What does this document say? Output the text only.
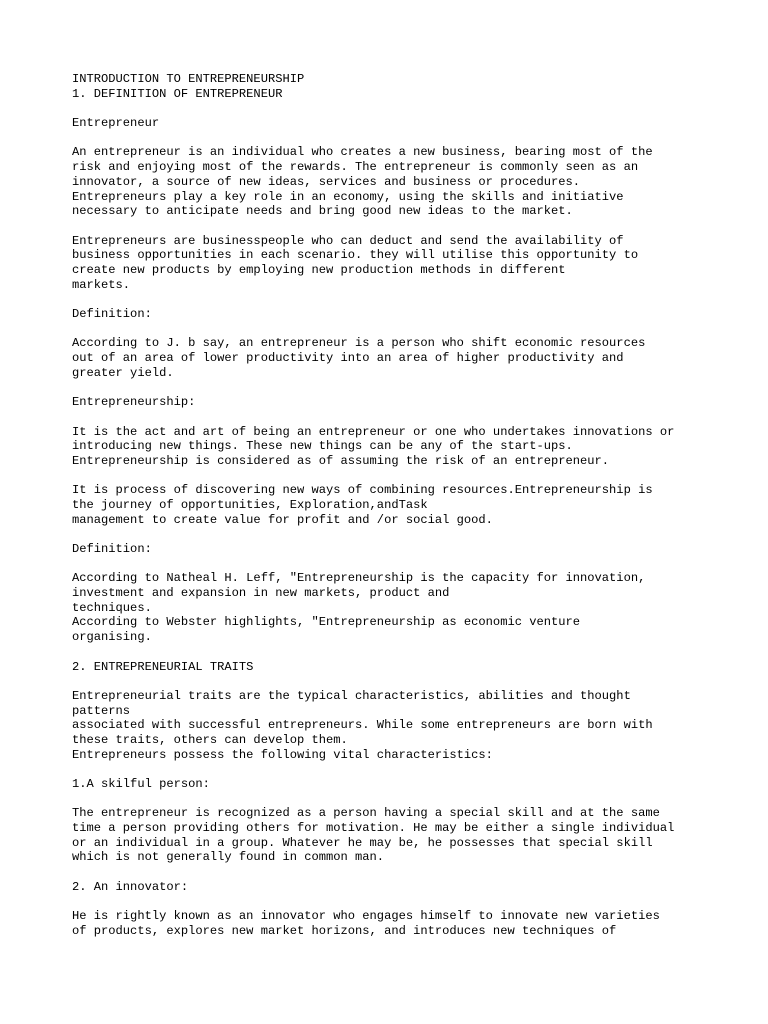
INTRODUCTION TO ENTREPRENEURSHIP
1. DEFINITION OF ENTREPRENEUR
Entrepreneur
An entrepreneur is an individual who creates a new business, bearing most of the
risk and enjoying most of the rewards. The entrepreneur is commonly seen as an
innovator, a source of new ideas, services and business or procedures.
Entrepreneurs play a key role in an economy, using the skills and initiative
necessary to anticipate needs and bring good new ideas to the market.
Entrepreneurs are businesspeople who can deduct and send the availability of
business opportunities in each scenario. they will utilise this opportunity to
create new products by employing new production methods in different
markets.
Definition:
According to J. b say, an entrepreneur is a person who shift economic resources
out of an area of lower productivity into an area of higher productivity and
greater yield.
Entrepreneurship:
It is the act and art of being an entrepreneur or one who undertakes innovations or
introducing new things. These new things can be any of the start-ups.
Entrepreneurship is considered as of assuming the risk of an entrepreneur.
It is process of discovering new ways of combining resources.Entrepreneurship is
the journey of opportunities, Exploration,andTask
management to create value for profit and /or social good.
Definition:
According to Natheal H. Leff, "Entrepreneurship is the capacity for innovation,
investment and expansion in new markets, product and
techniques.
According to Webster highlights, "Entrepreneurship as economic venture
organising.
2. ENTREPRENEURIAL TRAITS
Entrepreneurial traits are the typical characteristics, abilities and thought
patterns
associated with successful entrepreneurs. While some entrepreneurs are born with
these traits, others can develop them.
Entrepreneurs possess the following vital characteristics:
1.A skilful person:
The entrepreneur is recognized as a person having a special skill and at the same
time a person providing others for motivation. He may be either a single individual
or an individual in a group. Whatever he may be, he possesses that special skill
which is not generally found in common man.
2. An innovator:
He is rightly known as an innovator who engages himself to innovate new varieties
of products, explores new market horizons, and introduces new techniques of
